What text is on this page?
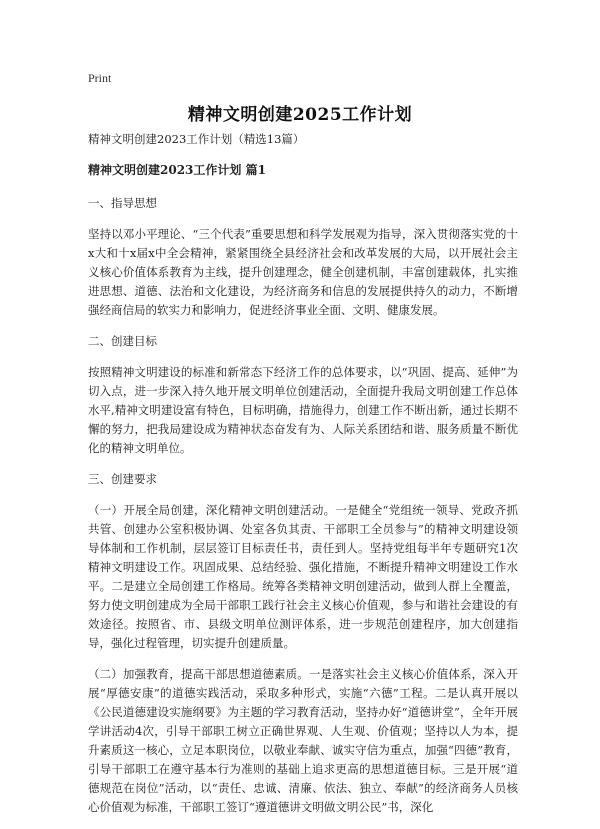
Print
精神文明创建2025工作计划

精神文明创建2023工作计划（精选13篇）

精神文明创建2023工作计划 篇1

一、指导思想

坚持以邓小平理论、“三个代表”重要思想和科学发展观为指导，深入贯彻落实党的十x大和十x届x中全会精神，紧紧围绕全县经济社会和改革发展的大局，以开展社会主义核心价值体系教育为主线，提升创建理念，健全创建机制，丰富创建载体，扎实推进思想、道德、法治和文化建设，为经济商务和信息的发展提供持久的动力，不断增强经商信局的软实力和影响力，促进经济事业全面、文明、健康发展。

二、创建目标

按照精神文明建设的标准和新常态下经济工作的总体要求，以“巩固、提高、延伸”为切入点，进一步深入持久地开展文明单位创建活动，全面提升我局文明创建工作总体水平,精神文明建设富有特色，目标明确，措施得力，创建工作不断出新，通过长期不懈的努力，把我局建设成为精神状态奋发有为、人际关系团结和谐、服务质量不断优化的精神文明单位。

三、创建要求

（一）开展全局创建，深化精神文明创建活动。一是健全“党组统一领导、党政齐抓共管、创建办公室积极协调、处室各负其责、干部职工全员参与”的精神文明建设领导体制和工作机制，层层签订目标责任书，责任到人。坚持党组每半年专题研究1次精神文明建设工作。巩固成果、总结经验、强化措施，不断提升精神文明建设工作水平。二是建立全局创建工作格局。统筹各类精神文明创建活动，做到人群上全覆盖，努力使文明创建成为全局干部职工践行社会主义核心价值观，参与和谐社会建设的有效途径。按照省、市、县级文明单位测评体系，进一步规范创建程序，加大创建指导，强化过程管理，切实提升创建质量。

（二）加强教育，提高干部思想道德素质。一是落实社会主义核心价值体系，深入开展“厚德安康”的道德实践活动，采取多种形式，实施“六德”工程。二是认真开展以《公民道德建设实施纲要》为主题的学习教育活动，坚持办好“道德讲堂”，全年开展学讲活动4次，引导干部职工树立正确世界观、人生观、价值观；坚持以人为本，提升素质这一核心，立足本职岗位，以敬业奉献、诚实守信为重点，加强“四德”教育，引导干部职工在遵守基本行为准则的基础上追求更高的思想道德目标。三是开展“道德规范在岗位”活动，以“责任、忠诚、清廉、依法、独立、奉献”的经济商务人员核心价值观为标准，干部职工签订“遵道德讲文明做文明公民”书，深化
